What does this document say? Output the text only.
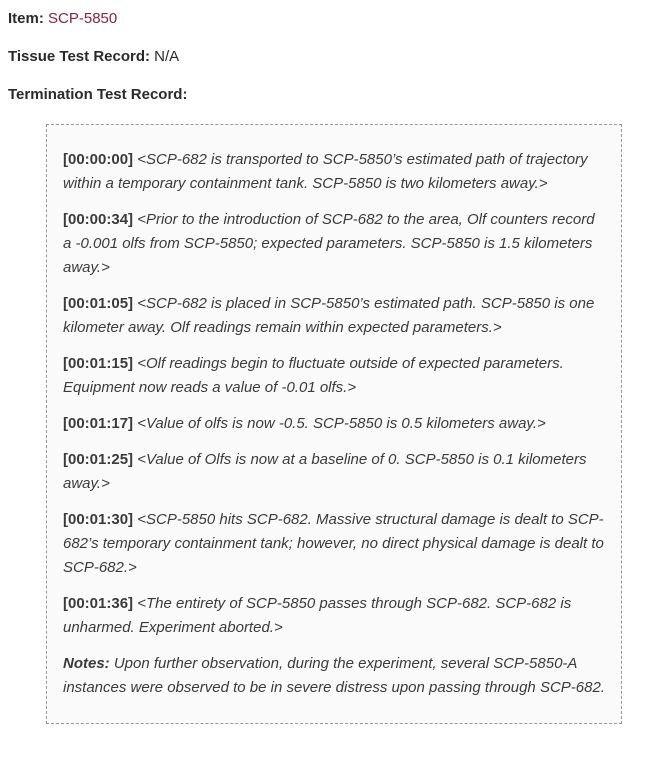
Item: SCP-5850

Tissue Test Record: N/A

Termination Test Record:

[00:00:00] <SCP-682 is transported to SCP-5850’s estimated path of trajectory within a temporary containment tank. SCP-5850 is two kilometers away.>

[00:00:34] <Prior to the introduction of SCP-682 to the area, Olf counters record a -0.001 olfs from SCP-5850; expected parameters. SCP-5850 is 1.5 kilometers away.>

[00:01:05] <SCP-682 is placed in SCP-5850’s estimated path. SCP-5850 is one kilometer away. Olf readings remain within expected parameters.>

[00:01:15] <Olf readings begin to fluctuate outside of expected parameters. Equipment now reads a value of -0.01 olfs.>

[00:01:17] <Value of olfs is now -0.5. SCP-5850 is 0.5 kilometers away.>

[00:01:25] <Value of Olfs is now at a baseline of 0. SCP-5850 is 0.1 kilometers away.>

[00:01:30] <SCP-5850 hits SCP-682. Massive structural damage is dealt to SCP-682’s temporary containment tank; however, no direct physical damage is dealt to SCP-682.>

[00:01:36] <The entirety of SCP-5850 passes through SCP-682. SCP-682 is unharmed. Experiment aborted.>

Notes: Upon further observation, during the experiment, several SCP-5850-A instances were observed to be in severe distress upon passing through SCP-682.
